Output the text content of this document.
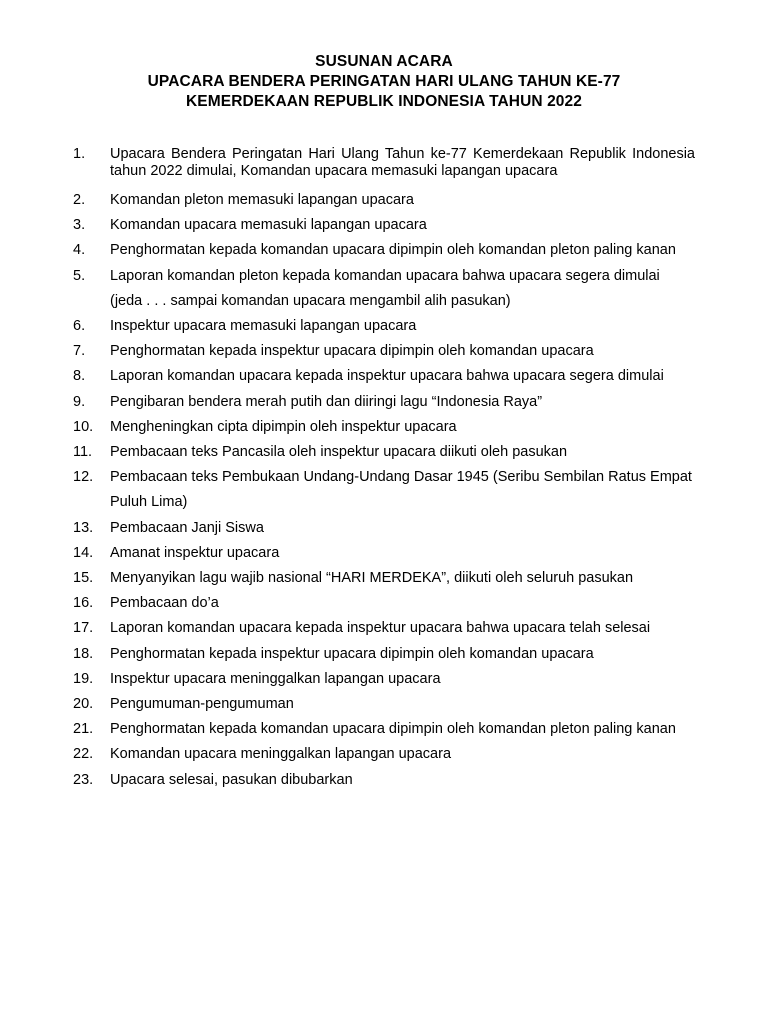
SUSUNAN ACARA
UPACARA BENDERA PERINGATAN HARI ULANG TAHUN KE-77
KEMERDEKAAN REPUBLIK INDONESIA TAHUN 2022
1. Upacara Bendera Peringatan Hari Ulang Tahun ke-77 Kemerdekaan Republik Indonesia tahun 2022 dimulai, Komandan upacara memasuki lapangan upacara
2. Komandan pleton memasuki lapangan upacara
3. Komandan upacara memasuki lapangan upacara
4. Penghormatan kepada komandan upacara dipimpin oleh komandan pleton paling kanan
5. Laporan komandan pleton kepada komandan upacara bahwa upacara segera dimulai (jeda . . . sampai komandan upacara mengambil alih pasukan)
6. Inspektur upacara memasuki lapangan upacara
7. Penghormatan kepada inspektur upacara dipimpin oleh komandan upacara
8. Laporan komandan upacara kepada inspektur upacara bahwa upacara segera dimulai
9. Pengibaran bendera merah putih dan diiringi lagu “Indonesia Raya”
10. Mengheningkan cipta dipimpin oleh inspektur upacara
11. Pembacaan teks Pancasila oleh inspektur upacara diikuti oleh pasukan
12. Pembacaan teks Pembukaan Undang-Undang Dasar 1945 (Seribu Sembilan Ratus Empat Puluh Lima)
13. Pembacaan Janji Siswa
14. Amanat inspektur upacara
15. Menyanyikan lagu wajib nasional “HARI MERDEKA”, diikuti oleh seluruh pasukan
16. Pembacaan do’a
17. Laporan komandan upacara kepada inspektur upacara bahwa upacara telah selesai
18. Penghormatan kepada inspektur upacara dipimpin oleh komandan upacara
19. Inspektur upacara meninggalkan lapangan upacara
20. Pengumuman-pengumuman
21. Penghormatan kepada komandan upacara dipimpin oleh komandan pleton paling kanan
22. Komandan upacara meninggalkan lapangan upacara
23. Upacara selesai, pasukan dibubarkan
